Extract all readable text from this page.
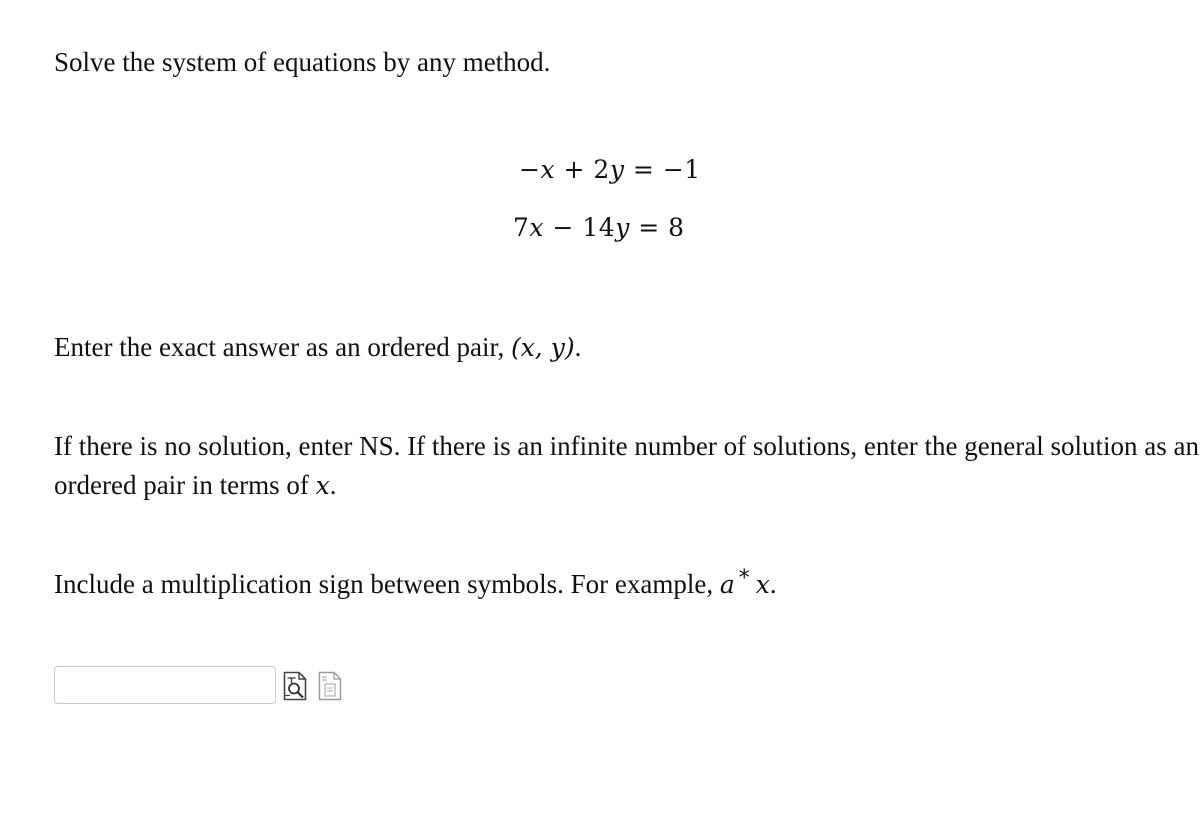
Solve the system of equations by any method.
−x + 2y = −1
7x − 14y = 8
Enter the exact answer as an ordered pair, (x, y).
If there is no solution, enter NS. If there is an infinite number of solutions, enter the general solution as an ordered pair in terms of x.
Include a multiplication sign between symbols. For example, a * x.
